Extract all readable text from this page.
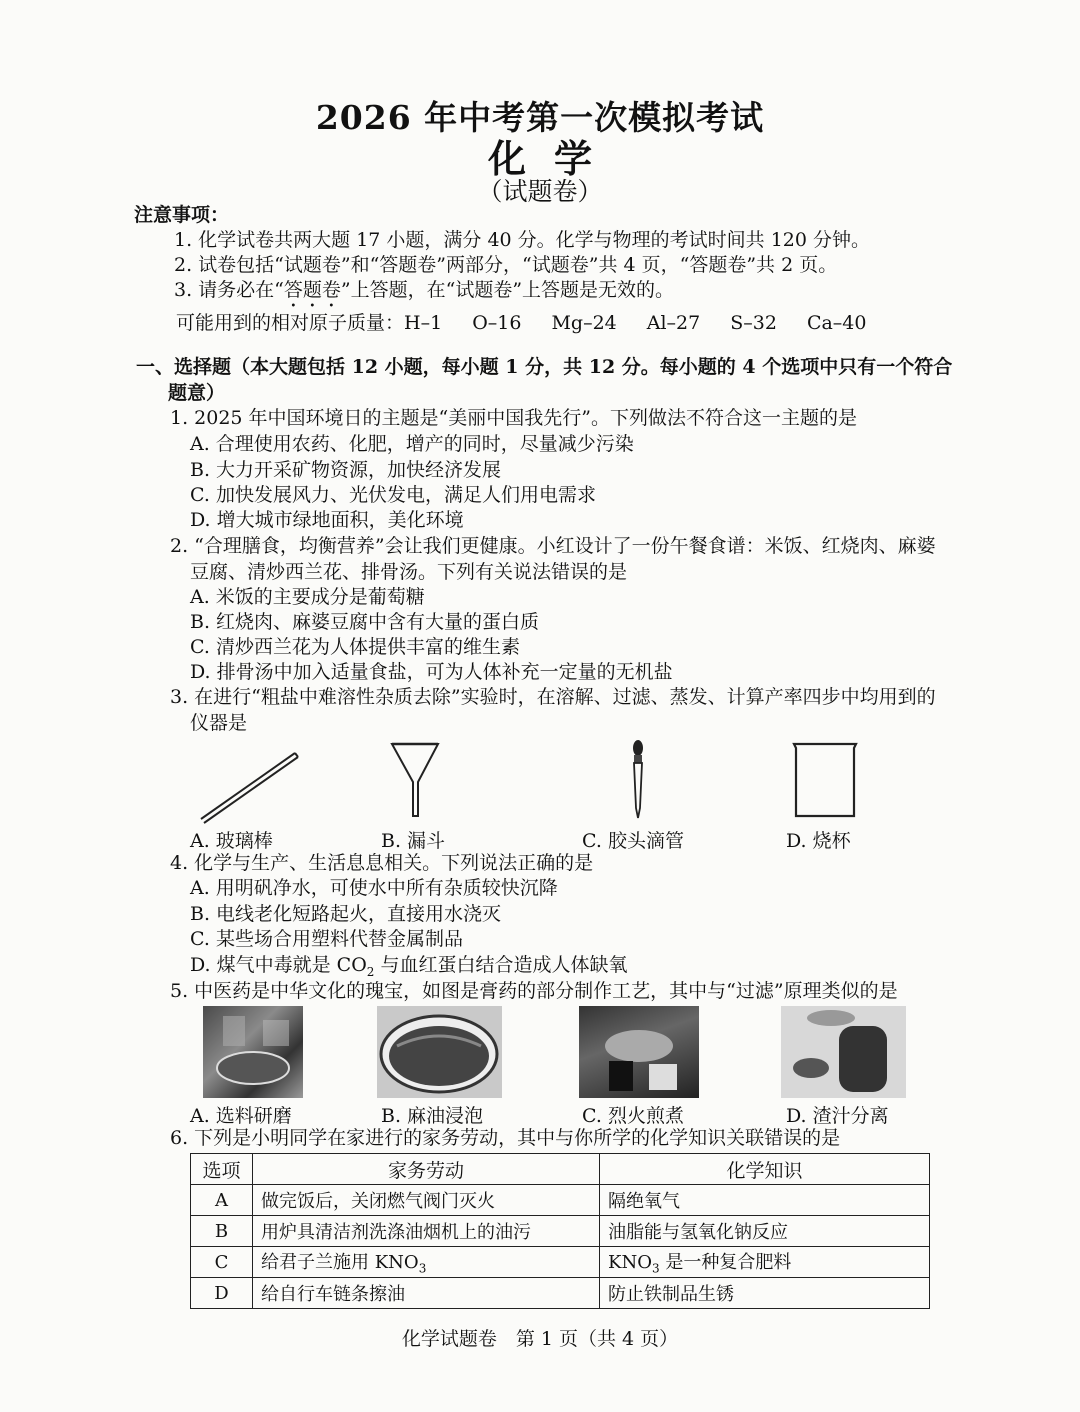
2026 年中考第一次模拟考试
化学
（试题卷）
注意事项：
1. 化学试卷共两大题 17 小题，满分 40 分。化学与物理的考试时间共 120 分钟。
2. 试卷包括“试题卷”和“答题卷”两部分，“试题卷”共 4 页，“答题卷”共 2 页。
3. 请务必在“答题卷”上答题，在“试题卷”上答题是无效的。
可能用到的相对原子质量：H–1 O–16 Mg–24 Al–27 S–32 Ca–40
一、选择题（本大题包括 12 小题，每小题 1 分，共 12 分。每小题的 4 个选项中只有一个符合
题意）
1. 2025 年中国环境日的主题是“美丽中国我先行”。下列做法不符合这一主题的是
A. 合理使用农药、化肥，增产的同时，尽量减少污染
B. 大力开采矿物资源，加快经济发展
C. 加快发展风力、光伏发电，满足人们用电需求
D. 增大城市绿地面积，美化环境
2. “合理膳食，均衡营养”会让我们更健康。小红设计了一份午餐食谱：米饭、红烧肉、麻婆
豆腐、清炒西兰花、排骨汤。下列有关说法错误的是
A. 米饭的主要成分是葡萄糖
B. 红烧肉、麻婆豆腐中含有大量的蛋白质
C. 清炒西兰花为人体提供丰富的维生素
D. 排骨汤中加入适量食盐，可为人体补充一定量的无机盐
3. 在进行“粗盐中难溶性杂质去除”实验时，在溶解、过滤、蒸发、计算产率四步中均用到的
仪器是
A. 玻璃棒	B. 漏斗	C. 胶头滴管	D. 烧杯
4. 化学与生产、生活息息相关。下列说法正确的是
A. 用明矾净水，可使水中所有杂质较快沉降
B. 电线老化短路起火，直接用水浇灭
C. 某些场合用塑料代替金属制品
D. 煤气中毒就是 $CO_2$ 与血红蛋白结合造成人体缺氧
5. 中医药是中华文化的瑰宝，如图是膏药的部分制作工艺，其中与“过滤”原理类似的是
A. 选料研磨	B. 麻油浸泡	C. 烈火煎煮	D. 渣汁分离
6. 下列是小明同学在家进行的家务劳动，其中与你所学的化学知识关联错误的是
选项	家务劳动	化学知识
A	做完饭后，关闭燃气阀门灭火	隔绝氧气
B	用炉具清洁剂洗涤油烟机上的油污	油脂能与氢氧化钠反应
C	给君子兰施用 $KNO_3$	$KNO_3$ 是一种复合肥料
D	给自行车链条擦油	防止铁制品生锈
化学试题卷　第 1 页（共 4 页）
